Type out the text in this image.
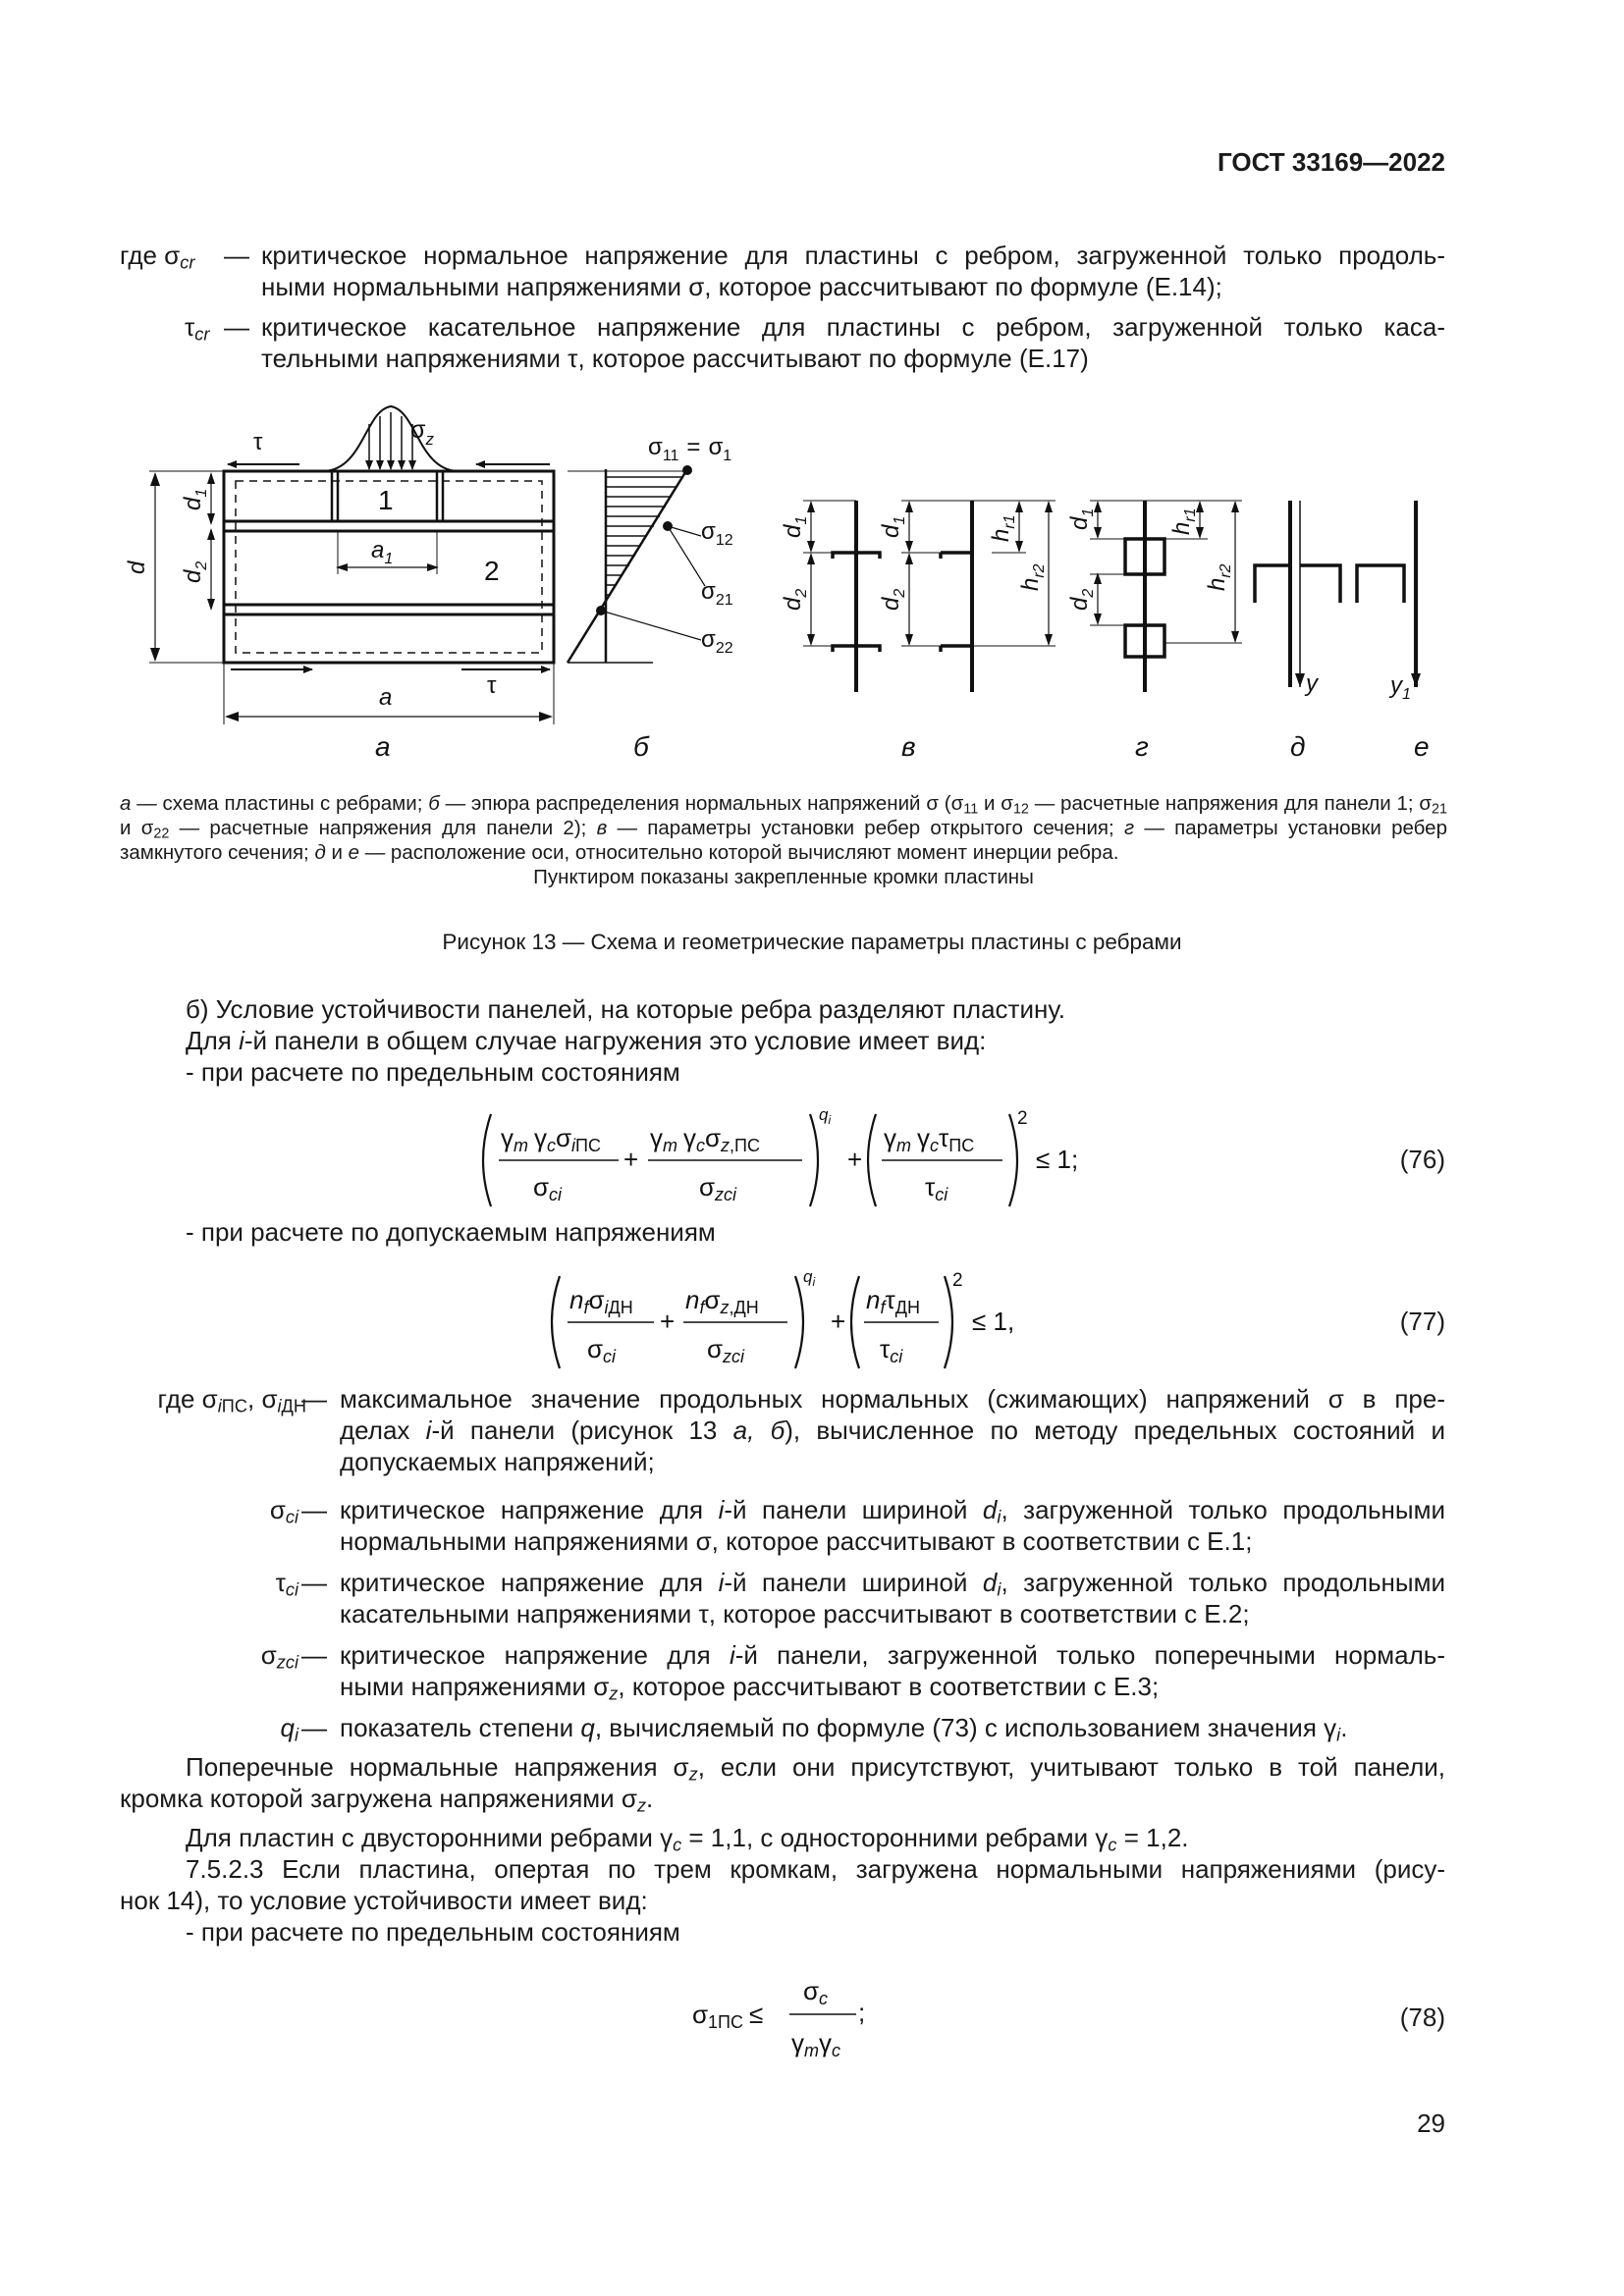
ГОСТ 33169—2022
где $\sigma_{cr}$	— критическое нормальное напряжение для пластины с ребром, загруженной только продоль-
ными нормальными напряжениями σ, которое рассчитывают по формуле (Е.14);
$\tau_{cr}$ — критическое касательное напряжение для пластины с ребром, загруженной только каса-
тельными напряжениями τ, которое рассчитывают по формуле (Е.17)
τ
τ
$\sigma_z$
1
2
$a_1$
a
d
$d_1$
$d_2$
$\sigma_{11} = \sigma_1$
$\sigma_{12}$
$\sigma_{21}$
$\sigma_{22}$
$d_1$
$d_2$
$d_1$
$d_2$
$h_{r1}$
$h_{r2}$
$d_1$
$d_2$
$h_{r1}$
$h_{r2}$
y	$y_1$
а	б	в	г	д	е
а — схема пластины с ребрами; б — эпюра распределения нормальных напряжений σ ($\sigma_{11}$ и $\sigma_{12}$ — расчетные напряжения для панели 1; $\sigma_{21}$ и $\sigma_{22}$ — расчетные напряжения для панели 2); в — параметры установки ребер открытого сечения; г — параметры установки ребер замкнутого сечения; д и е — расположение оси, относительно которой вычисляют момент инерции ребра.
Пунктиром показаны закрепленные кромки пластины
Рисунок 13 — Схема и геометрические параметры пластины с ребрами
б) Условие устойчивости панелей, на которые ребра разделяют пластину.
Для i-й панели в общем случае нагружения это условие имеет вид:
- при расчете по предельным состояниям
γm γcσiПС
σci
+
γm γcσz,ПС
σzci
$q_i$
+
γm γcτПС
τci
2
≤ 1;	(76)
- при расчете по допускаемым напряжениям
nfσiДН
σci
+
nfσz,ДН
σzci
$q_i$
+
nfτДН
τci
2
≤ 1,	(77)
где $\sigma_{iПС}$, $\sigma_{iДН}$
— максимальное значение продольных нормальных (сжимающих) напряжений σ в пре-
делах i-й панели (рисунок 13 а, б), вычисленное по методу предельных состояний и
допускаемых напряжений;
$\sigma_{ci}$ — критическое напряжение для i-й панели шириной $d_i$, загруженной только продольными
нормальными напряжениями σ, которое рассчитывают в соответствии с Е.1;
$\tau_{ci}$ — критическое напряжение для i-й панели шириной $d_i$, загруженной только продольными
касательными напряжениями τ, которое рассчитывают в соответствии с Е.2;
$\sigma_{zci}$ — критическое напряжение для i-й панели, загруженной только поперечными нормаль-
ными напряжениями $\sigma_z$, которое рассчитывают в соответствии с Е.3;
$q_i$ — показатель степени q, вычисляемый по формуле (73) с использованием значения $\gamma_i$.
Поперечные нормальные напряжения $\sigma_z$, если они присутствуют, учитывают только в той панели,
кромка которой загружена напряжениями $\sigma_z$.
Для пластин с двусторонними ребрами $\gamma_c = 1,1$, с односторонними ребрами $\gamma_c = 1,2$.
7.5.2.3 Если пластина, опертая по трем кромкам, загружена нормальными напряжениями (рису-
нок 14), то условие устойчивости имеет вид:
- при расчете по предельным состояниям
σ1ПС ≤
σc
γmγc
;	(78)
29
